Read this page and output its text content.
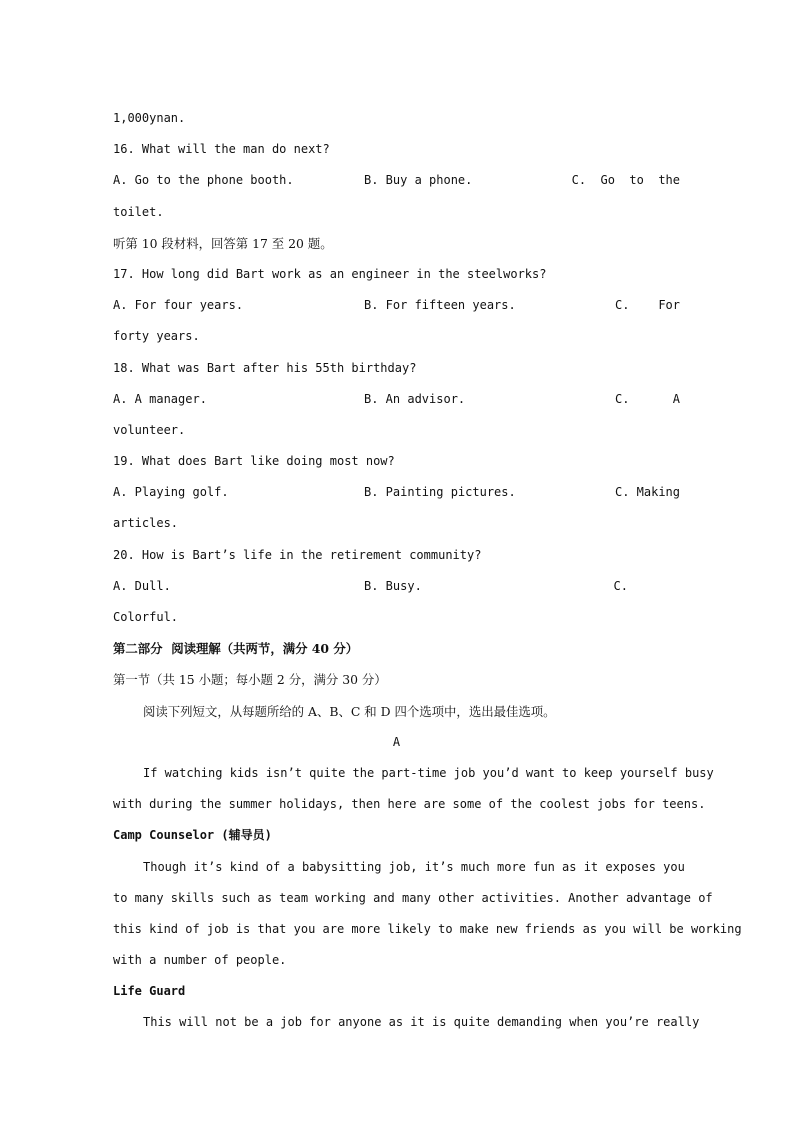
1,000ynan.
16. What will the man do next?
A. Go to the phone booth.	B. Buy a phone.	C.  Go  to  the
toilet.
听第 10 段材料，回答第 17 至 20 题。
17. How long did Bart work as an engineer in the steelworks?
A. For four years.	B. For fifteen years.	C.    For
forty years.
18. What was Bart after his 55th birthday?
A. A manager.	B. An advisor.	C.      A
volunteer.
19. What does Bart like doing most now?
A. Playing golf.	B. Painting pictures.	C. Making
articles.
20. How is Bart’s life in the retirement community?
A. Dull.	B. Busy.	C.
Colorful.
第二部分  阅读理解（共两节，满分 40 分）
第一节（共 15 小题；每小题 2 分，满分 30 分）
阅读下列短文，从每题所给的 A、B、C 和 D 四个选项中，选出最佳选项。
A
If watching kids isn’t quite the part-time job you’d want to keep yourself busy
with during the summer holidays, then here are some of the coolest jobs for teens.
Camp Counselor (辅导员)
Though it’s kind of a babysitting job, it’s much more fun as it exposes you
to many skills such as team working and many other activities. Another advantage of
this kind of job is that you are more likely to make new friends as you will be working
with a number of people.
Life Guard
This will not be a job for anyone as it is quite demanding when you’re really
